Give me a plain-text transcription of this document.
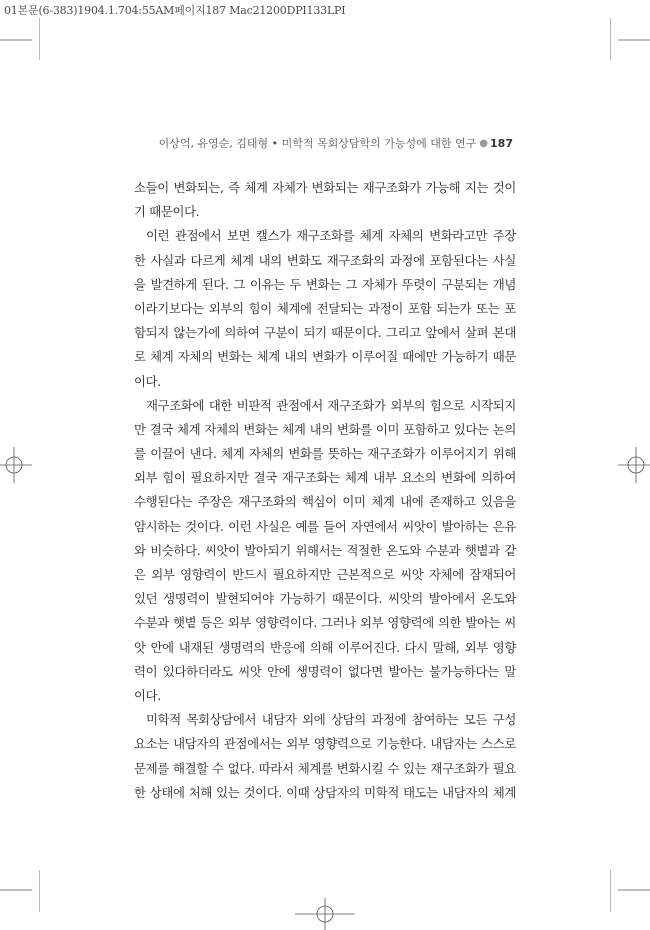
01본문(6-383)1904.1.704:55AM페이지187 Mac21200DPI133LPI
이상억, 유영순, 김태형 • 미학적 목회상담학의 가능성에 대한 연구 ● 187
소들이 변화되는, 즉 체계 자체가 변화되는 재구조화가 가능해 지는 것이
기 때문이다.
이런 관점에서 보면 캘스가 재구조화를 체계 자체의 변화라고만 주장
한 사실과 다르게 체계 내의 변화도 재구조화의 과정에 포함된다는 사실
을 발견하게 된다. 그 이유는 두 변화는 그 자체가 뚜렷이 구분되는 개념
이라기보다는 외부의 힘이 체계에 전달되는 과정이 포함 되는가 또는 포
함되지 않는가에 의하여 구분이 되기 때문이다. 그리고 앞에서 살펴 본대
로 체계 자체의 변화는 체계 내의 변화가 이루어질 때에만 가능하기 때문
이다.
재구조화에 대한 비판적 관점에서 재구조화가 외부의 힘으로 시작되지
만 결국 체계 자체의 변화는 체계 내의 변화를 이미 포함하고 있다는 논의
를 이끌어 낸다. 체계 자체의 변화를 뜻하는 재구조화가 이루어지기 위해
외부 힘이 필요하지만 결국 재구조화는 체계 내부 요소의 변화에 의하여
수행된다는 주장은 재구조화의 핵심이 이미 체계 내에 존재하고 있음을
암시하는 것이다. 이런 사실은 예를 들어 자연에서 씨앗이 발아하는 은유
와 비슷하다. 씨앗이 발아되기 위해서는 적절한 온도와 수분과 햇볕과 같
은 외부 영향력이 반드시 필요하지만 근본적으로 씨앗 자체에 잠재되어
있던 생명력이 발현되어야 가능하기 때문이다. 씨앗의 발아에서 온도와
수분과 햇볕 등은 외부 영향력이다. 그러나 외부 영향력에 의한 발아는 씨
앗 안에 내재된 생명력의 반응에 의해 이루어진다. 다시 말해, 외부 영향
력이 있다하더라도 씨앗 안에 생명력이 없다면 발아는 불가능하다는 말
이다.
미학적 목회상담에서 내담자 외에 상담의 과정에 참여하는 모든 구성
요소는 내담자의 관점에서는 외부 영향력으로 기능한다. 내담자는 스스로
문제를 해결할 수 없다. 따라서 체계를 변화시킬 수 있는 재구조화가 필요
한 상태에 처해 있는 것이다. 이때 상담자의 미학적 태도는 내담자의 체계
